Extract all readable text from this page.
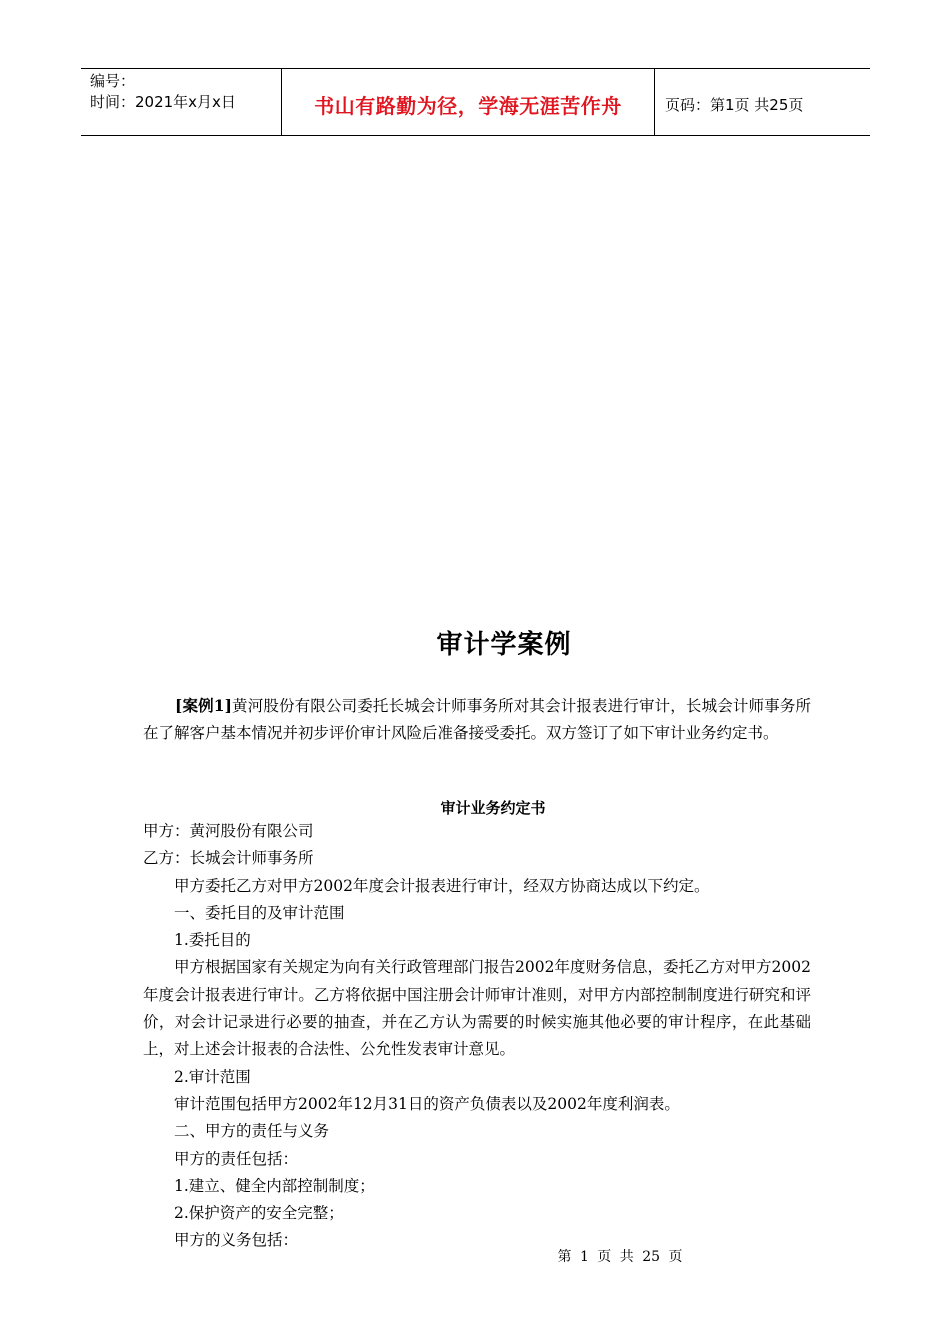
编号：
时间：2021年x月x日	书山有路勤为径，学海无涯苦作舟	页码：第1页 共25页
审计学案例
[案例1]黄河股份有限公司委托长城会计师事务所对其会计报表进行审计，长城会计师事务所在了解客户基本情况并初步评价审计风险后准备接受委托。双方签订了如下审计业务约定书。
审计业务约定书

甲方：黄河股份有限公司

乙方：长城会计师事务所

甲方委托乙方对甲方2002年度会计报表进行审计，经双方协商达成以下约定。

一、委托目的及审计范围

1.委托目的

甲方根据国家有关规定为向有关行政管理部门报告2002年度财务信息，委托乙方对甲方2002年度会计报表进行审计。乙方将依据中国注册会计师审计准则，对甲方内部控制制度进行研究和评价，对会计记录进行必要的抽查，并在乙方认为需要的时候实施其他必要的审计程序，在此基础上，对上述会计报表的合法性、公允性发表审计意见。

2.审计范围

审计范围包括甲方2002年12月31日的资产负债表以及2002年度利润表。

二、甲方的责任与义务

甲方的责任包括：

1.建立、健全内部控制制度；

2.保护资产的安全完整；

甲方的义务包括：

第 1 页 共 25 页
